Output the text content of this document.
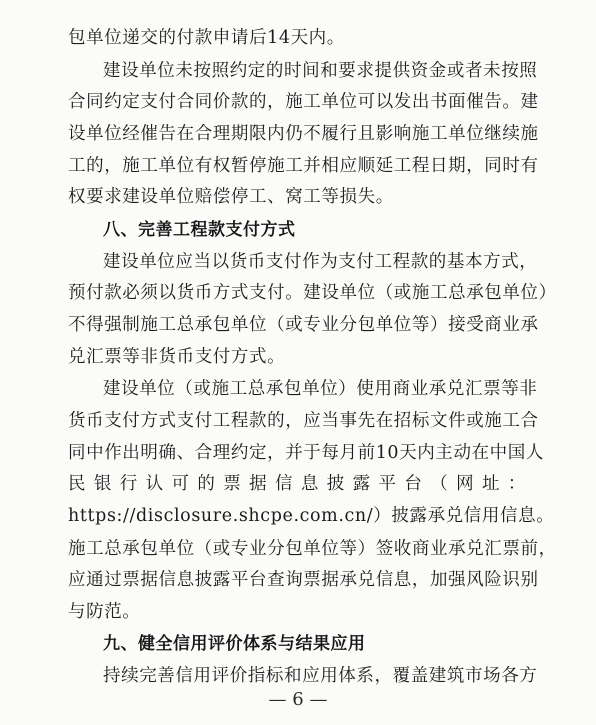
包单位递交的付款申请后14天内。
建设单位未按照约定的时间和要求提供资金或者未按照
合同约定支付合同价款的，施工单位可以发出书面催告。建
设单位经催告在合理期限内仍不履行且影响施工单位继续施
工的，施工单位有权暂停施工并相应顺延工程日期，同时有
权要求建设单位赔偿停工、窝工等损失。
八、完善工程款支付方式
建设单位应当以货币支付作为支付工程款的基本方式，
预付款必须以货币方式支付。建设单位（或施工总承包单位）
不得强制施工总承包单位（或专业分包单位等）接受商业承
兑汇票等非货币支付方式。
建设单位（或施工总承包单位）使用商业承兑汇票等非
货币支付方式支付工程款的，应当事先在招标文件或施工合
同中作出明确、合理约定，并于每月前10天内主动在中国人
民银行认可的票据信息披露平台（网址：
https://disclosure.shcpe.com.cn/）披露承兑信用信息。
施工总承包单位（或专业分包单位等）签收商业承兑汇票前，
应通过票据信息披露平台查询票据承兑信息，加强风险识别
与防范。
九、健全信用评价体系与结果应用
持续完善信用评价指标和应用体系，覆盖建筑市场各方
— 6 —
